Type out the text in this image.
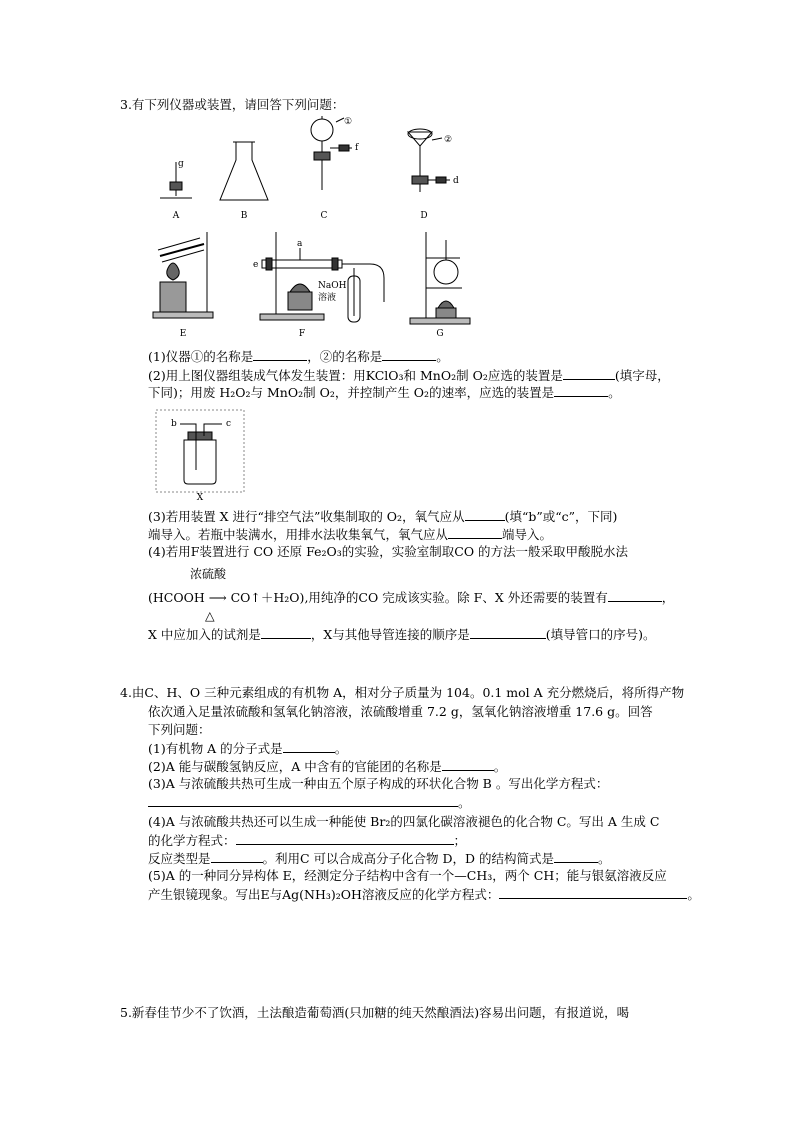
3.有下列仪器或装置，请回答下列问题：
A	B	C	D
E	F	G
X
g
f
①
②
d
a
e
NaOH
溶液
b	c
(1)仪器①的名称是	，②的名称是	。
(2)用上图仪器组装成气体发生装置：用KClO₃和 MnO₂制 O₂应选的装置是	(填字母，
下同)；用废 H₂O₂与 MnO₂制 O₂，并控制产生 O₂的速率，应选的装置是	。
(3)若用装置 X 进行“排空气法”收集制取的 O₂，氧气应从	(填“b”或“c”，下同)
端导入。若瓶中装满水，用排水法收集氧气，氧气应从	端导入。
(4)若用F装置进行 CO 还原 Fe₂O₃的实验，实验室制取CO 的方法一般采取甲酸脱水法
浓硫酸
(HCOOH ⟶ CO↑＋H₂O),用纯净的CO 完成该实验。除 F、X 外还需要的装置有	，
△
X 中应加入的试剂是	，X与其他导管连接的顺序是	(填导管口的序号)。
4.由C、H、O 三种元素组成的有机物 A，相对分子质量为 104。0.1 mol A 充分燃烧后，将所得产物
依次通入足量浓硫酸和氢氧化钠溶液，浓硫酸增重 7.2 g，氢氧化钠溶液增重 17.6 g。回答
下列问题：
(1)有机物 A 的分子式是	。
(2)A 能与碳酸氢钠反应，A 中含有的官能团的名称是	。
(3)A 与浓硫酸共热可生成一种由五个原子构成的环状化合物 B 。写出化学方程式：
。
(4)A 与浓硫酸共热还可以生成一种能使 Br₂的四氯化碳溶液褪色的化合物 C。写出 A 生成 C
的化学方程式：	；
反应类型是	。利用C 可以合成高分子化合物 D，D 的结构简式是	。
(5)A 的一种同分异构体 E，经测定分子结构中含有一个—CH₃，两个 CH；能与银氨溶液反应
产生银镜现象。写出E与Ag(NH₃)₂OH溶液反应的化学方程式：	。
5.新春佳节少不了饮酒，土法酿造葡萄酒(只加糖的纯天然酿酒法)容易出问题，有报道说，喝
